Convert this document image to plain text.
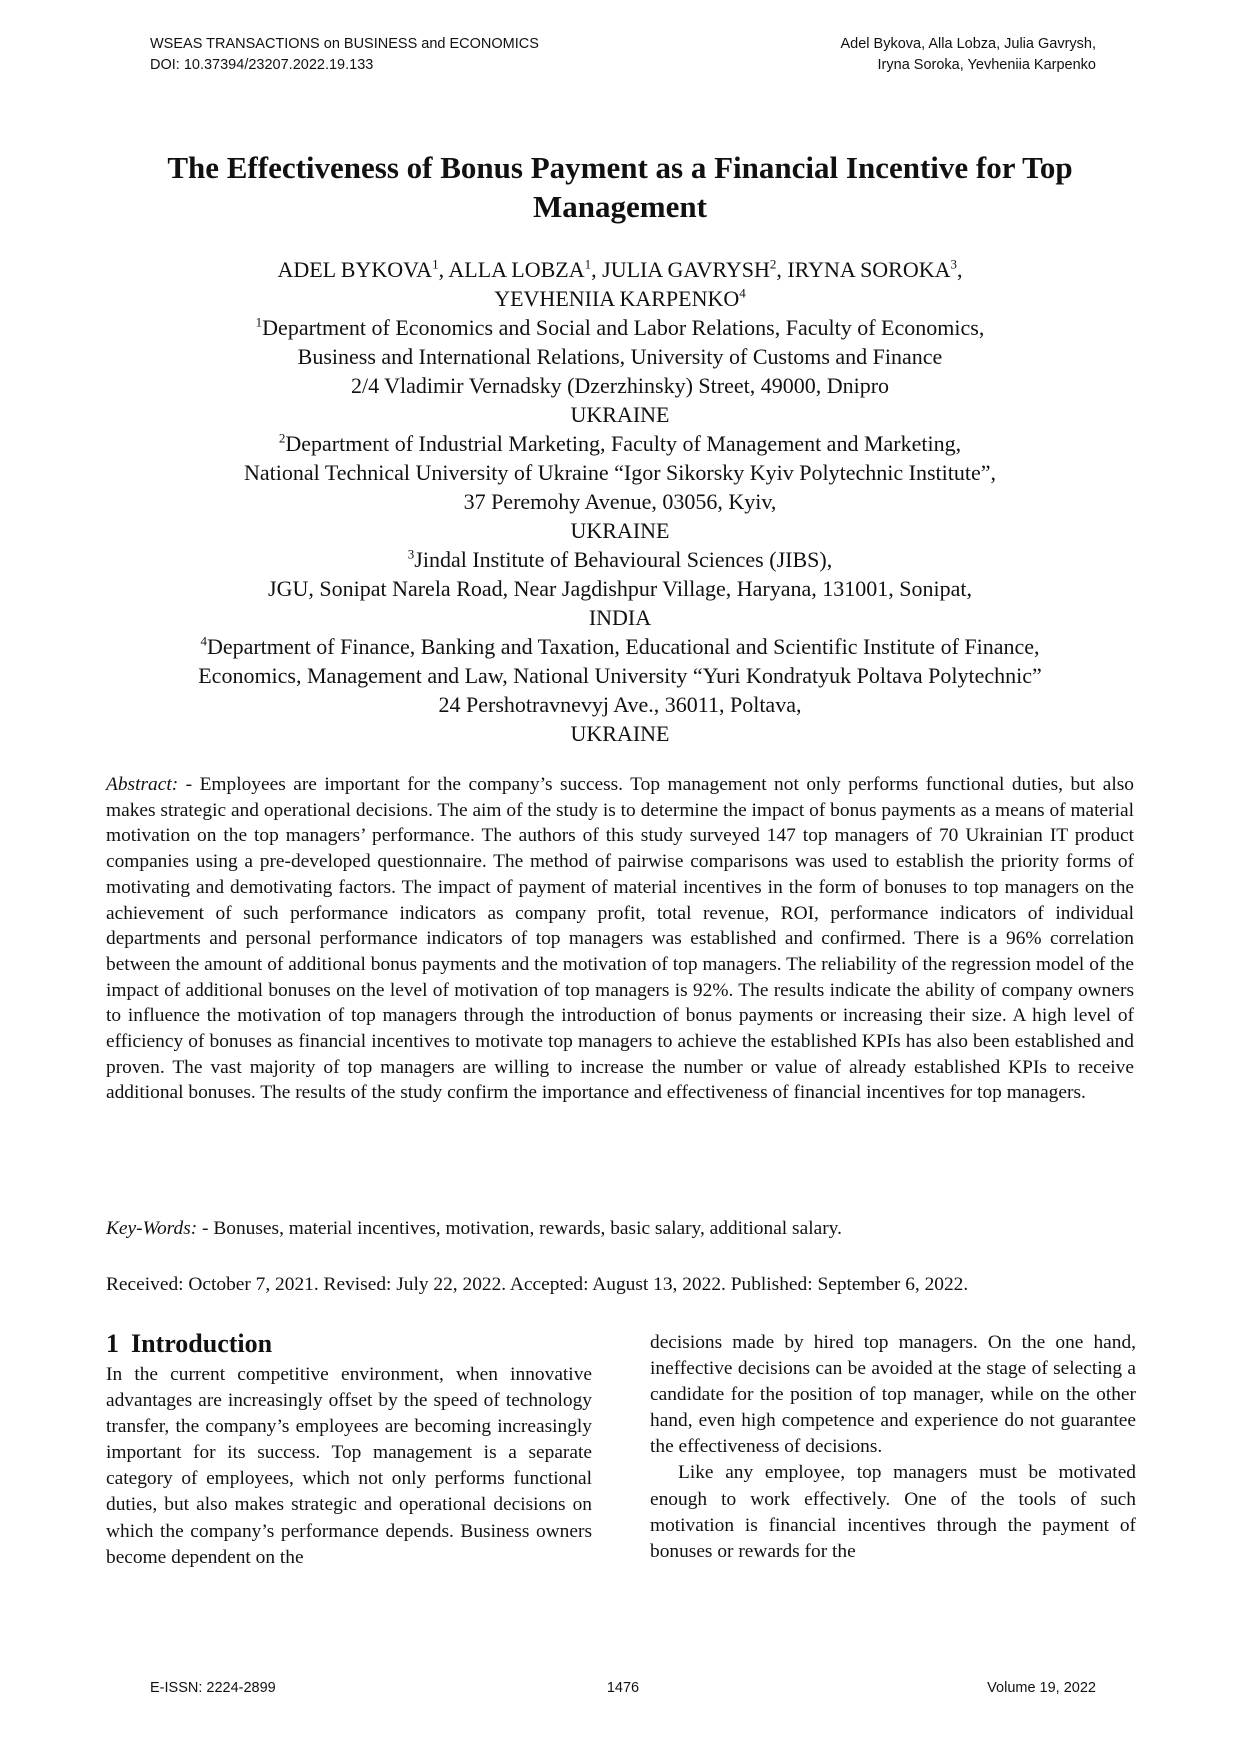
WSEAS TRANSACTIONS on BUSINESS and ECONOMICS
DOI: 10.37394/23207.2022.19.133
Adel Bykova, Alla Lobza, Julia Gavrysh,
Iryna Soroka, Yevheniia Karpenko
The Effectiveness of Bonus Payment as a Financial Incentive for Top
Management
ADEL BYKOVA$^1$, ALLA LOBZA$^1$, JULIA GAVRYSH$^2$, IRYNA SOROKA$^3$,
YEVHENIIA KARPENKO$^4$
$^1$Department of Economics and Social and Labor Relations, Faculty of Economics,
Business and International Relations, University of Customs and Finance
2/4 Vladimir Vernadsky (Dzerzhinsky) Street, 49000, Dnipro
UKRAINE
$^2$Department of Industrial Marketing, Faculty of Management and Marketing,
National Technical University of Ukraine “Igor Sikorsky Kyiv Polytechnic Institute”,
37 Peremohy Avenue, 03056, Kyiv,
UKRAINE
$^3$Jindal Institute of Behavioural Sciences (JIBS),
JGU, Sonipat Narela Road, Near Jagdishpur Village, Haryana, 131001, Sonipat,
INDIA
$^4$Department of Finance, Banking and Taxation, Educational and Scientific Institute of Finance,
Economics, Management and Law, National University “Yuri Kondratyuk Poltava Polytechnic”
24 Pershotravnevyj Ave., 36011, Poltava,
UKRAINE
Abstract: - Employees are important for the company’s success. Top management not only performs functional duties, but also makes strategic and operational decisions. The aim of the study is to determine the impact of bonus payments as a means of material motivation on the top managers’ performance. The authors of this study surveyed 147 top managers of 70 Ukrainian IT product companies using a pre-developed questionnaire. The method of pairwise comparisons was used to establish the priority forms of motivating and demotivating factors. The impact of payment of material incentives in the form of bonuses to top managers on the achievement of such performance indicators as company profit, total revenue, ROI, performance indicators of individual departments and personal performance indicators of top managers was established and confirmed. There is a 96% correlation between the amount of additional bonus payments and the motivation of top managers. The reliability of the regression model of the impact of additional bonuses on the level of motivation of top managers is 92%. The results indicate the ability of company owners to influence the motivation of top managers through the introduction of bonus payments or increasing their size. A high level of efficiency of bonuses as financial incentives to motivate top managers to achieve the established KPIs has also been established and proven. The vast majority of top managers are willing to increase the number or value of already established KPIs to receive additional bonuses. The results of the study confirm the importance and effectiveness of financial incentives for top managers.
Key-Words: - Bonuses, material incentives, motivation, rewards, basic salary, additional salary.
Received: October 7, 2021. Revised: July 22, 2022. Accepted: August 13, 2022. Published: September 6, 2022.
1 Introduction

In the current competitive environment, when innovative advantages are increasingly offset by the speed of technology transfer, the company’s employees are becoming increasingly important for its success. Top management is a separate category of employees, which not only performs functional duties, but also makes strategic and operational decisions on which the company’s performance depends. Business owners become dependent on the

decisions made by hired top managers. On the one hand, ineffective decisions can be avoided at the stage of selecting a candidate for the position of top manager, while on the other hand, even high competence and experience do not guarantee the effectiveness of decisions.

Like any employee, top managers must be motivated enough to work effectively. One of the tools of such motivation is financial incentives through the payment of bonuses or rewards for the

E-ISSN: 2224-2899	1476	Volume 19, 2022
